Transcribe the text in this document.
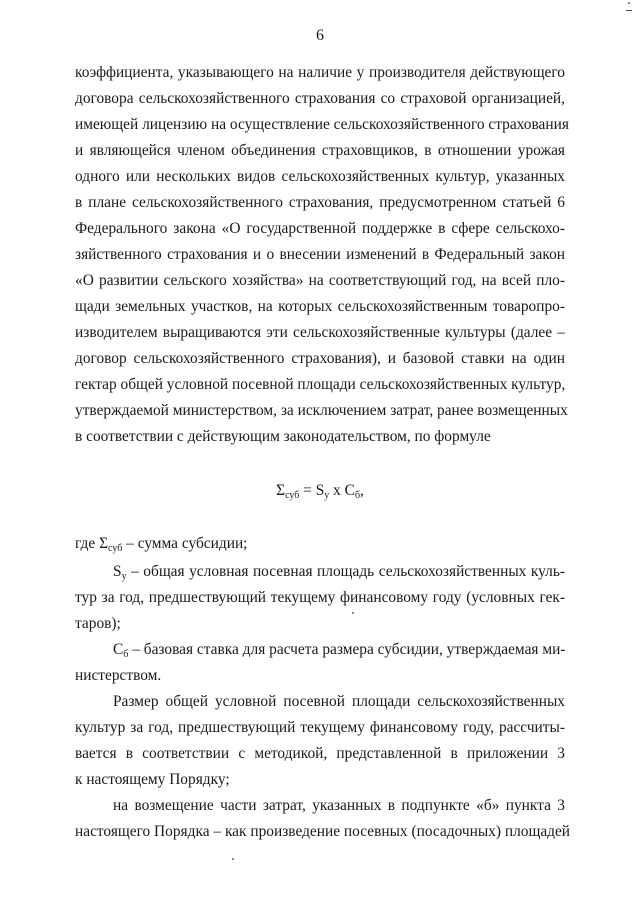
6
коэффициента, указывающего на наличие у производителя действующего
договора сельскохозяйственного страхования со страховой организацией,
имеющей лицензию на осуществление сельскохозяйственного страхования
и являющейся членом объединения страховщиков, в отношении урожая
одного или нескольких видов сельскохозяйственных культур, указанных
в плане сельскохозяйственного страхования, предусмотренном статьей 6
Федерального закона «О государственной поддержке в сфере сельскохо-
зяйственного страхования и о внесении изменений в Федеральный закон
«О развитии сельского хозяйства» на соответствующий год, на всей пло-
щади земельных участков, на которых сельскохозяйственным товаропро-
изводителем выращиваются эти сельскохозяйственные культуры (далее –
договор сельскохозяйственного страхования), и базовой ставки на один
гектар общей условной посевной площади сельскохозяйственных культур,
утверждаемой министерством, за исключением затрат, ранее возмещенных
в соответствии с действующим законодательством, по формуле
$\Sigma_{суб} = S_у$ х $С_б$,
где $\Sigma_{суб}$ – сумма субсидии;
$S_у$ – общая условная посевная площадь сельскохозяйственных куль-
тур за год, предшествующий текущему финансовому году (условных гек-
таров);
$С_б$ – базовая ставка для расчета размера субсидии, утверждаемая ми-
нистерством.
Размер общей условной посевной площади сельскохозяйственных
культур за год, предшествующий текущему финансовому году, рассчиты-
вается в соответствии с методикой, представленной в приложении 3
к настоящему Порядку;
на возмещение части затрат, указанных в подпункте «б» пункта 3
настоящего Порядка – как произведение посевных (посадочных) площадей
